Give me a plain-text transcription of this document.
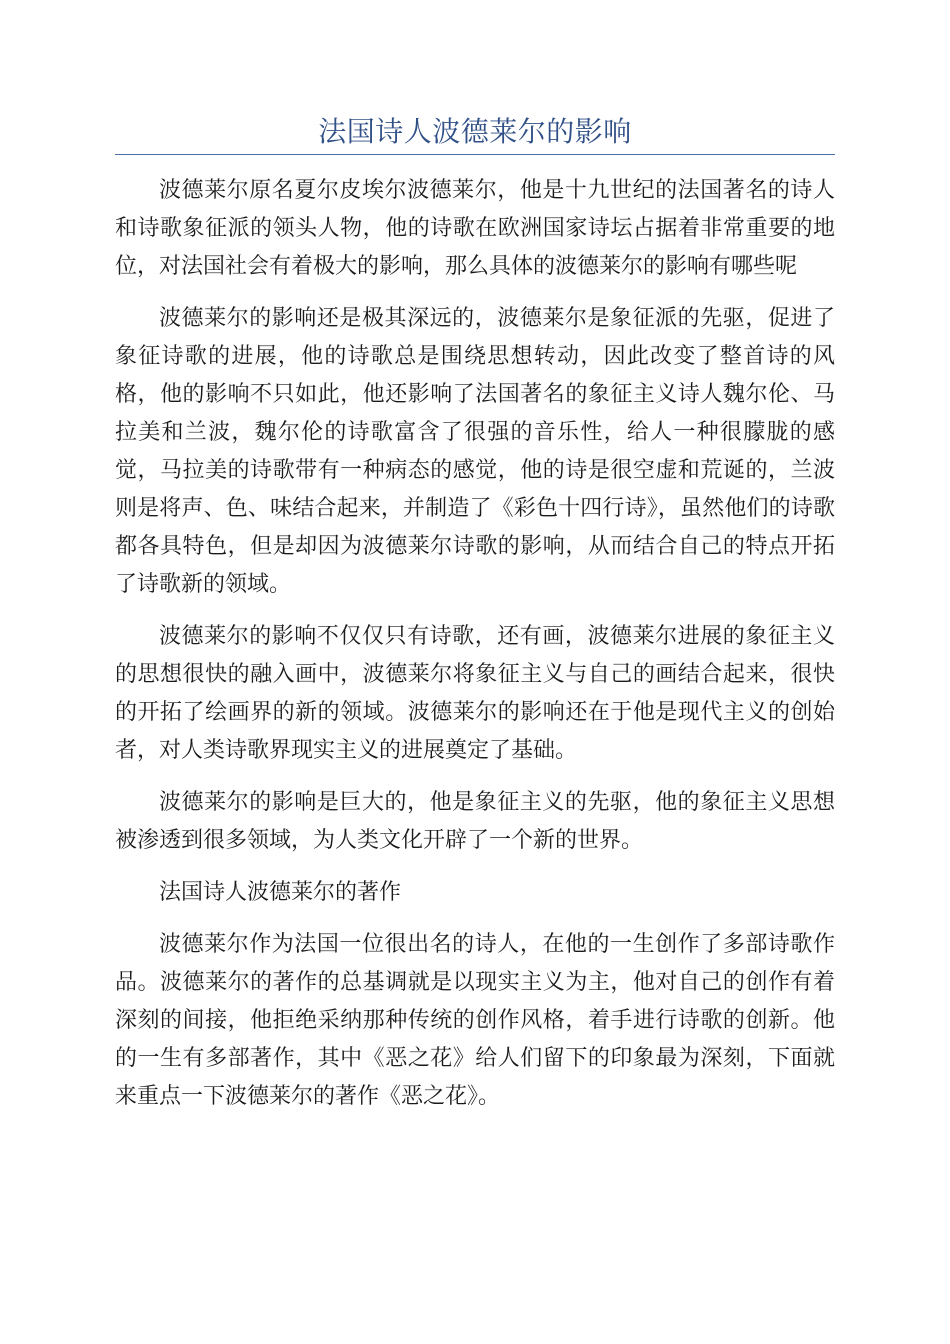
法国诗人波德莱尔的影响

波德莱尔原名夏尔皮埃尔波德莱尔，他是十九世纪的法国著名的诗人和诗歌象征派的领头人物，他的诗歌在欧洲国家诗坛占据着非常重要的地位，对法国社会有着极大的影响，那么具体的波德莱尔的影响有哪些呢

波德莱尔的影响还是极其深远的，波德莱尔是象征派的先驱，促进了象征诗歌的进展，他的诗歌总是围绕思想转动，因此改变了整首诗的风格，他的影响不只如此，他还影响了法国著名的象征主义诗人魏尔伦、马拉美和兰波，魏尔伦的诗歌富含了很强的音乐性，给人一种很朦胧的感觉，马拉美的诗歌带有一种病态的感觉，他的诗是很空虚和荒诞的，兰波则是将声、色、味结合起来，并制造了《彩色十四行诗》，虽然他们的诗歌都各具特色，但是却因为波德莱尔诗歌的影响，从而结合自己的特点开拓了诗歌新的领域。

波德莱尔的影响不仅仅只有诗歌，还有画，波德莱尔进展的象征主义的思想很快的融入画中，波德莱尔将象征主义与自己的画结合起来，很快的开拓了绘画界的新的领域。波德莱尔的影响还在于他是现代主义的创始者，对人类诗歌界现实主义的进展奠定了基础。

波德莱尔的影响是巨大的，他是象征主义的先驱，他的象征主义思想被渗透到很多领域，为人类文化开辟了一个新的世界。

法国诗人波德莱尔的著作

波德莱尔作为法国一位很出名的诗人，在他的一生创作了多部诗歌作品。波德莱尔的著作的总基调就是以现实主义为主，他对自己的创作有着深刻的间接，他拒绝采纳那种传统的创作风格，着手进行诗歌的创新。他的一生有多部著作，其中《恶之花》给人们留下的印象最为深刻，下面就来重点一下波德莱尔的著作《恶之花》。
